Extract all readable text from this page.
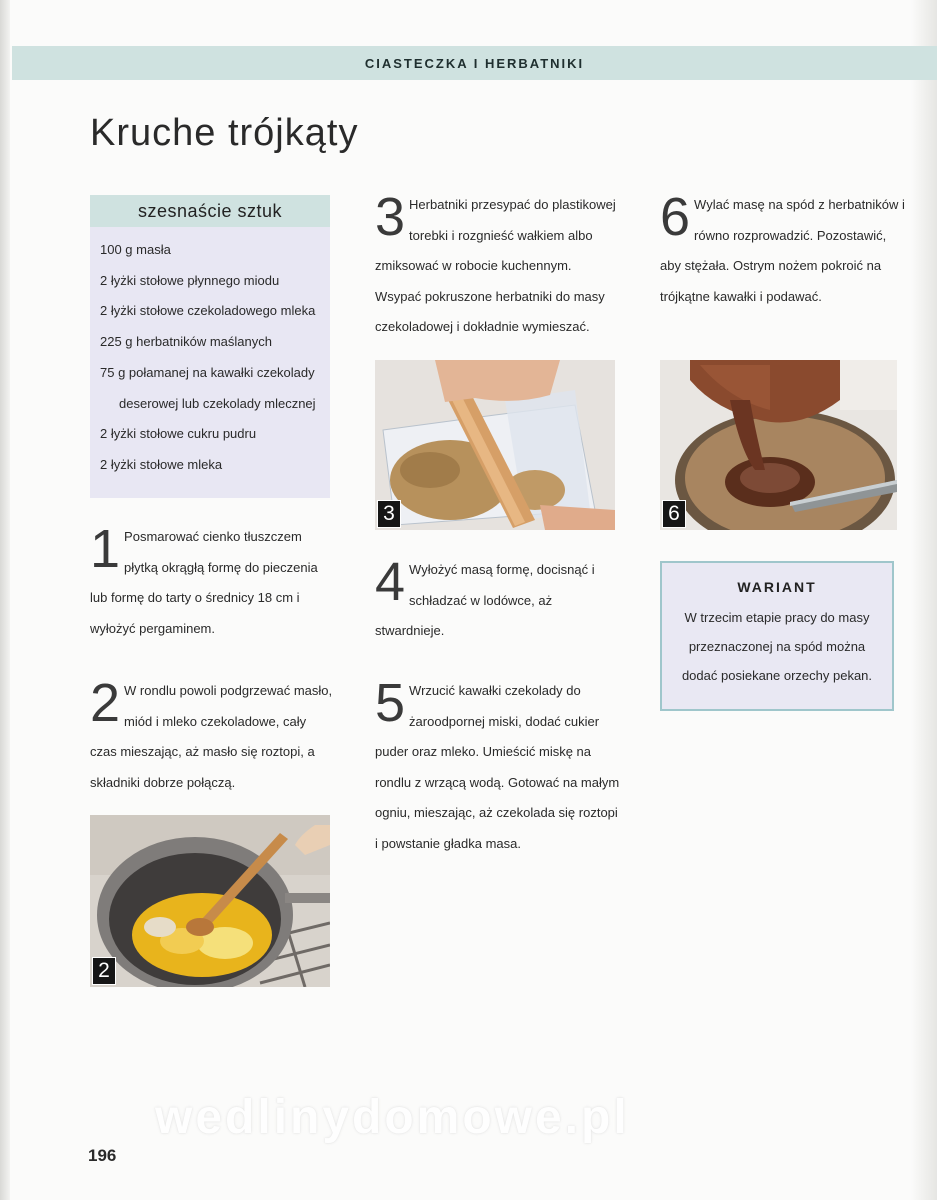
CIASTECZKA I HERBATNIKI
Kruche trójkąty
szesnaście sztuk
100 g masła
2 łyżki stołowe płynnego miodu
2 łyżki stołowe czekoladowego mleka
225 g herbatników maślanych
75 g połamanej na kawałki czekolady
deserowej lub czekolady mlecznej
2 łyżki stołowe cukru pudru
2 łyżki stołowe mleka
1 Posmarować cienko tłuszczem płytką okrągłą formę do pieczenia lub formę do tarty o średnicy 18 cm i wyłożyć pergaminem.
2 W rondlu powoli podgrzewać masło, miód i mleko czekoladowe, cały czas mieszając, aż masło się roztopi, a składniki dobrze połączą.
2
3 Herbatniki przesypać do plastikowej torebki i rozgnieść wałkiem albo zmiksować w robocie kuchennym. Wsypać pokruszone herbatniki do masy czekoladowej i dokładnie wymieszać.
3
4 Wyłożyć masą formę, docisnąć i schładzać w lodówce, aż stwardnieje.
5 Wrzucić kawałki czekolady do żaroodpornej miski, dodać cukier puder oraz mleko. Umieścić miskę na rondlu z wrzącą wodą. Gotować na małym ogniu, mieszając, aż czekolada się roztopi i powstanie gładka masa.
6 Wylać masę na spód z herbatników i równo rozprowadzić. Pozostawić, aby stężała. Ostrym nożem pokroić na trójkątne kawałki i podawać.
6
WARIANT
W trzecim etapie pracy do masy przeznaczonej na spód można dodać posiekane orzechy pekan.
wedlinydomowe.pl
196
